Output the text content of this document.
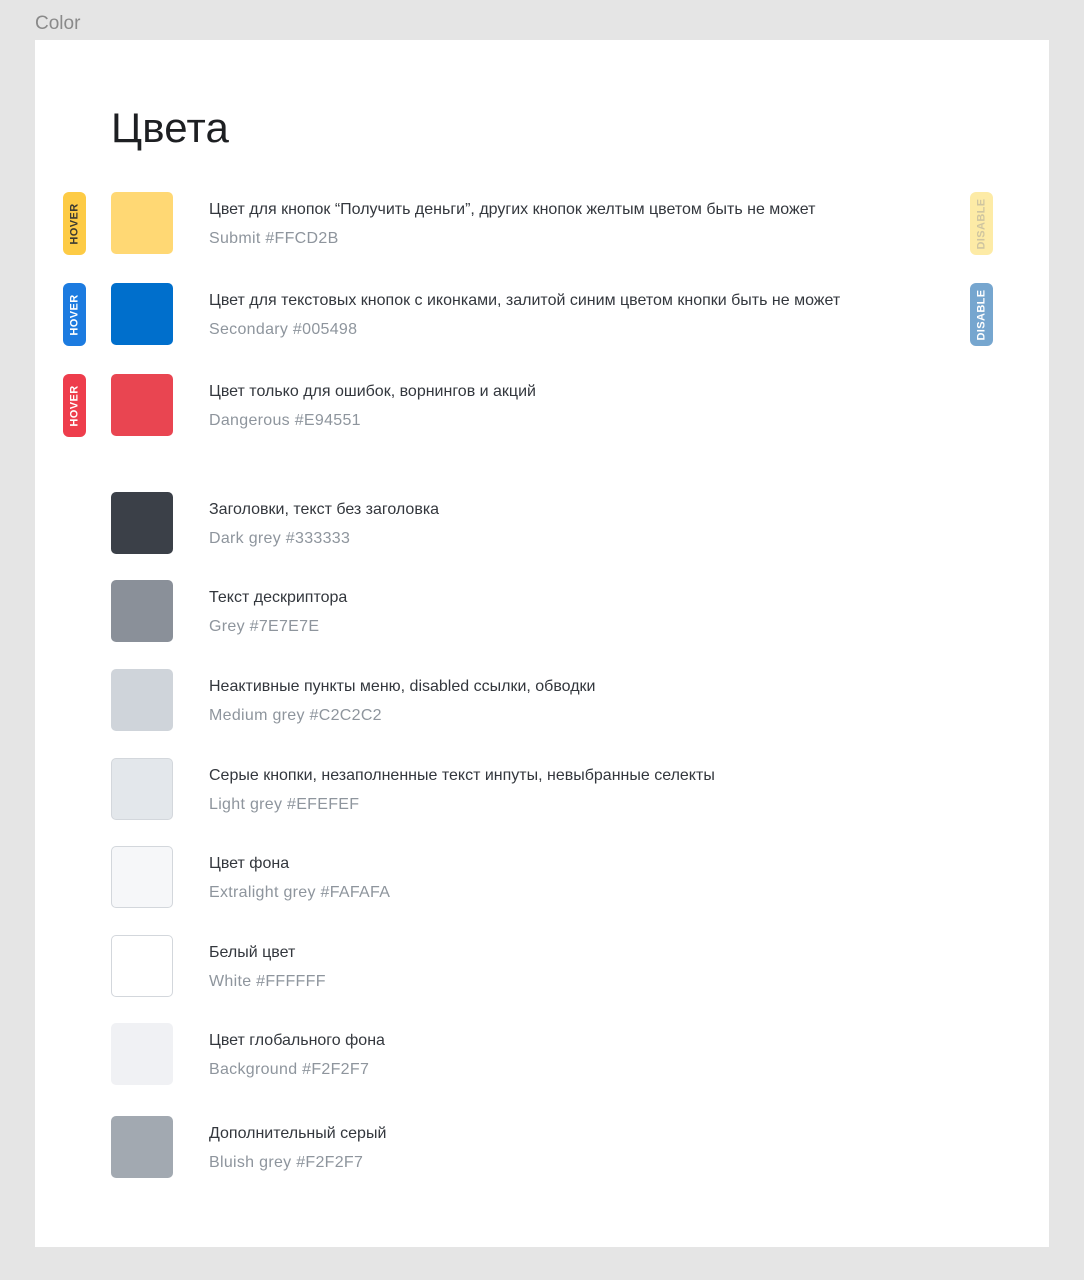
Color
Цвета
HOVER	Цвет для кнопок “Получить деньги”, других кнопок желтым цветом быть не может
Submit #FFCD2B	DISABLE
HOVER	Цвет для текстовых кнопок с иконками, залитой синим цветом кнопки быть не может
Secondary #005498	DISABLE
HOVER	Цвет только для ошибок, ворнингов и акций
Dangerous #E94551
Заголовки, текст без заголовка
Dark grey #333333
Текст дескриптора
Grey #7E7E7E
Неактивные пункты меню, disabled ссылки, обводки
Medium grey #C2C2C2
Серые кнопки, незаполненные текст инпуты, невыбранные селекты
Light grey #EFEFEF
Цвет фона
Extralight grey #FAFAFA
Белый цвет
White #FFFFFF
Цвет глобального фона
Background #F2F2F7
Дополнительный серый
Bluish grey #F2F2F7
